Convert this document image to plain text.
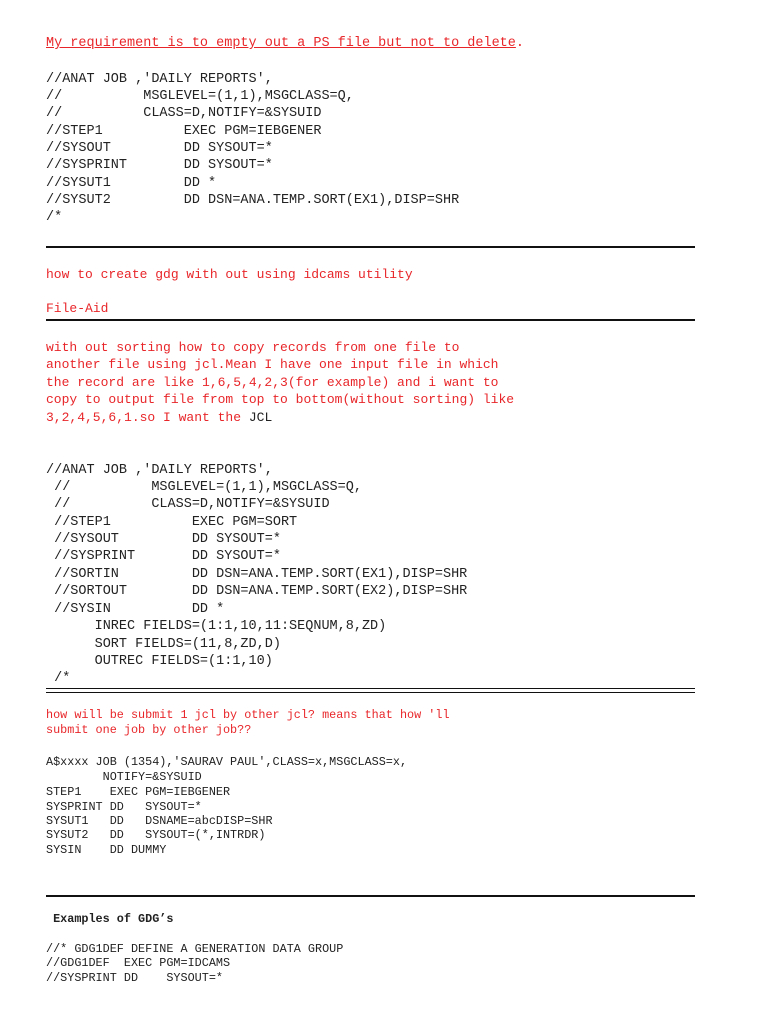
My requirement is to empty out a PS file but not to delete.
//ANAT JOB ,'DAILY REPORTS',
//          MSGLEVEL=(1,1),MSGCLASS=Q,
//          CLASS=D,NOTIFY=&SYSUID
//STEP1          EXEC PGM=IEBGENER
//SYSOUT         DD SYSOUT=*
//SYSPRINT       DD SYSOUT=*
//SYSUT1         DD *
//SYSUT2         DD DSN=ANA.TEMP.SORT(EX1),DISP=SHR
/*
how to create gdg with out using idcams utility
File-Aid
with out sorting how to copy records from one file to
another file using jcl.Mean I have one input file in which
the record are like 1,6,5,4,2,3(for example) and i want to
copy to output file from top to bottom(without sorting) like
3,2,4,5,6,1.so I want the JCL
//ANAT JOB ,'DAILY REPORTS',
//          MSGLEVEL=(1,1),MSGCLASS=Q,
//          CLASS=D,NOTIFY=&SYSUID
//STEP1          EXEC PGM=SORT
//SYSOUT         DD SYSOUT=*
//SYSPRINT       DD SYSOUT=*
//SORTIN         DD DSN=ANA.TEMP.SORT(EX1),DISP=SHR
//SORTOUT        DD DSN=ANA.TEMP.SORT(EX2),DISP=SHR
//SYSIN          DD *
INREC FIELDS=(1:1,10,11:SEQNUM,8,ZD)
SORT FIELDS=(11,8,ZD,D)
OUTREC FIELDS=(1:1,10)
/*
how will be submit 1 jcl by other jcl? means that how 'll
submit one job by other job??
A$xxxx JOB (1354),'SAURAV PAUL',CLASS=x,MSGCLASS=x,
NOTIFY=&SYSUID
STEP1    EXEC PGM=IEBGENER
SYSPRINT DD   SYSOUT=*
SYSUT1   DD   DSNAME=abcDISP=SHR
SYSUT2   DD   SYSOUT=(*,INTRDR)
SYSIN    DD DUMMY
Examples of GDG’s
//* GDG1DEF DEFINE A GENERATION DATA GROUP
//GDG1DEF  EXEC PGM=IDCAMS
//SYSPRINT DD    SYSOUT=*
